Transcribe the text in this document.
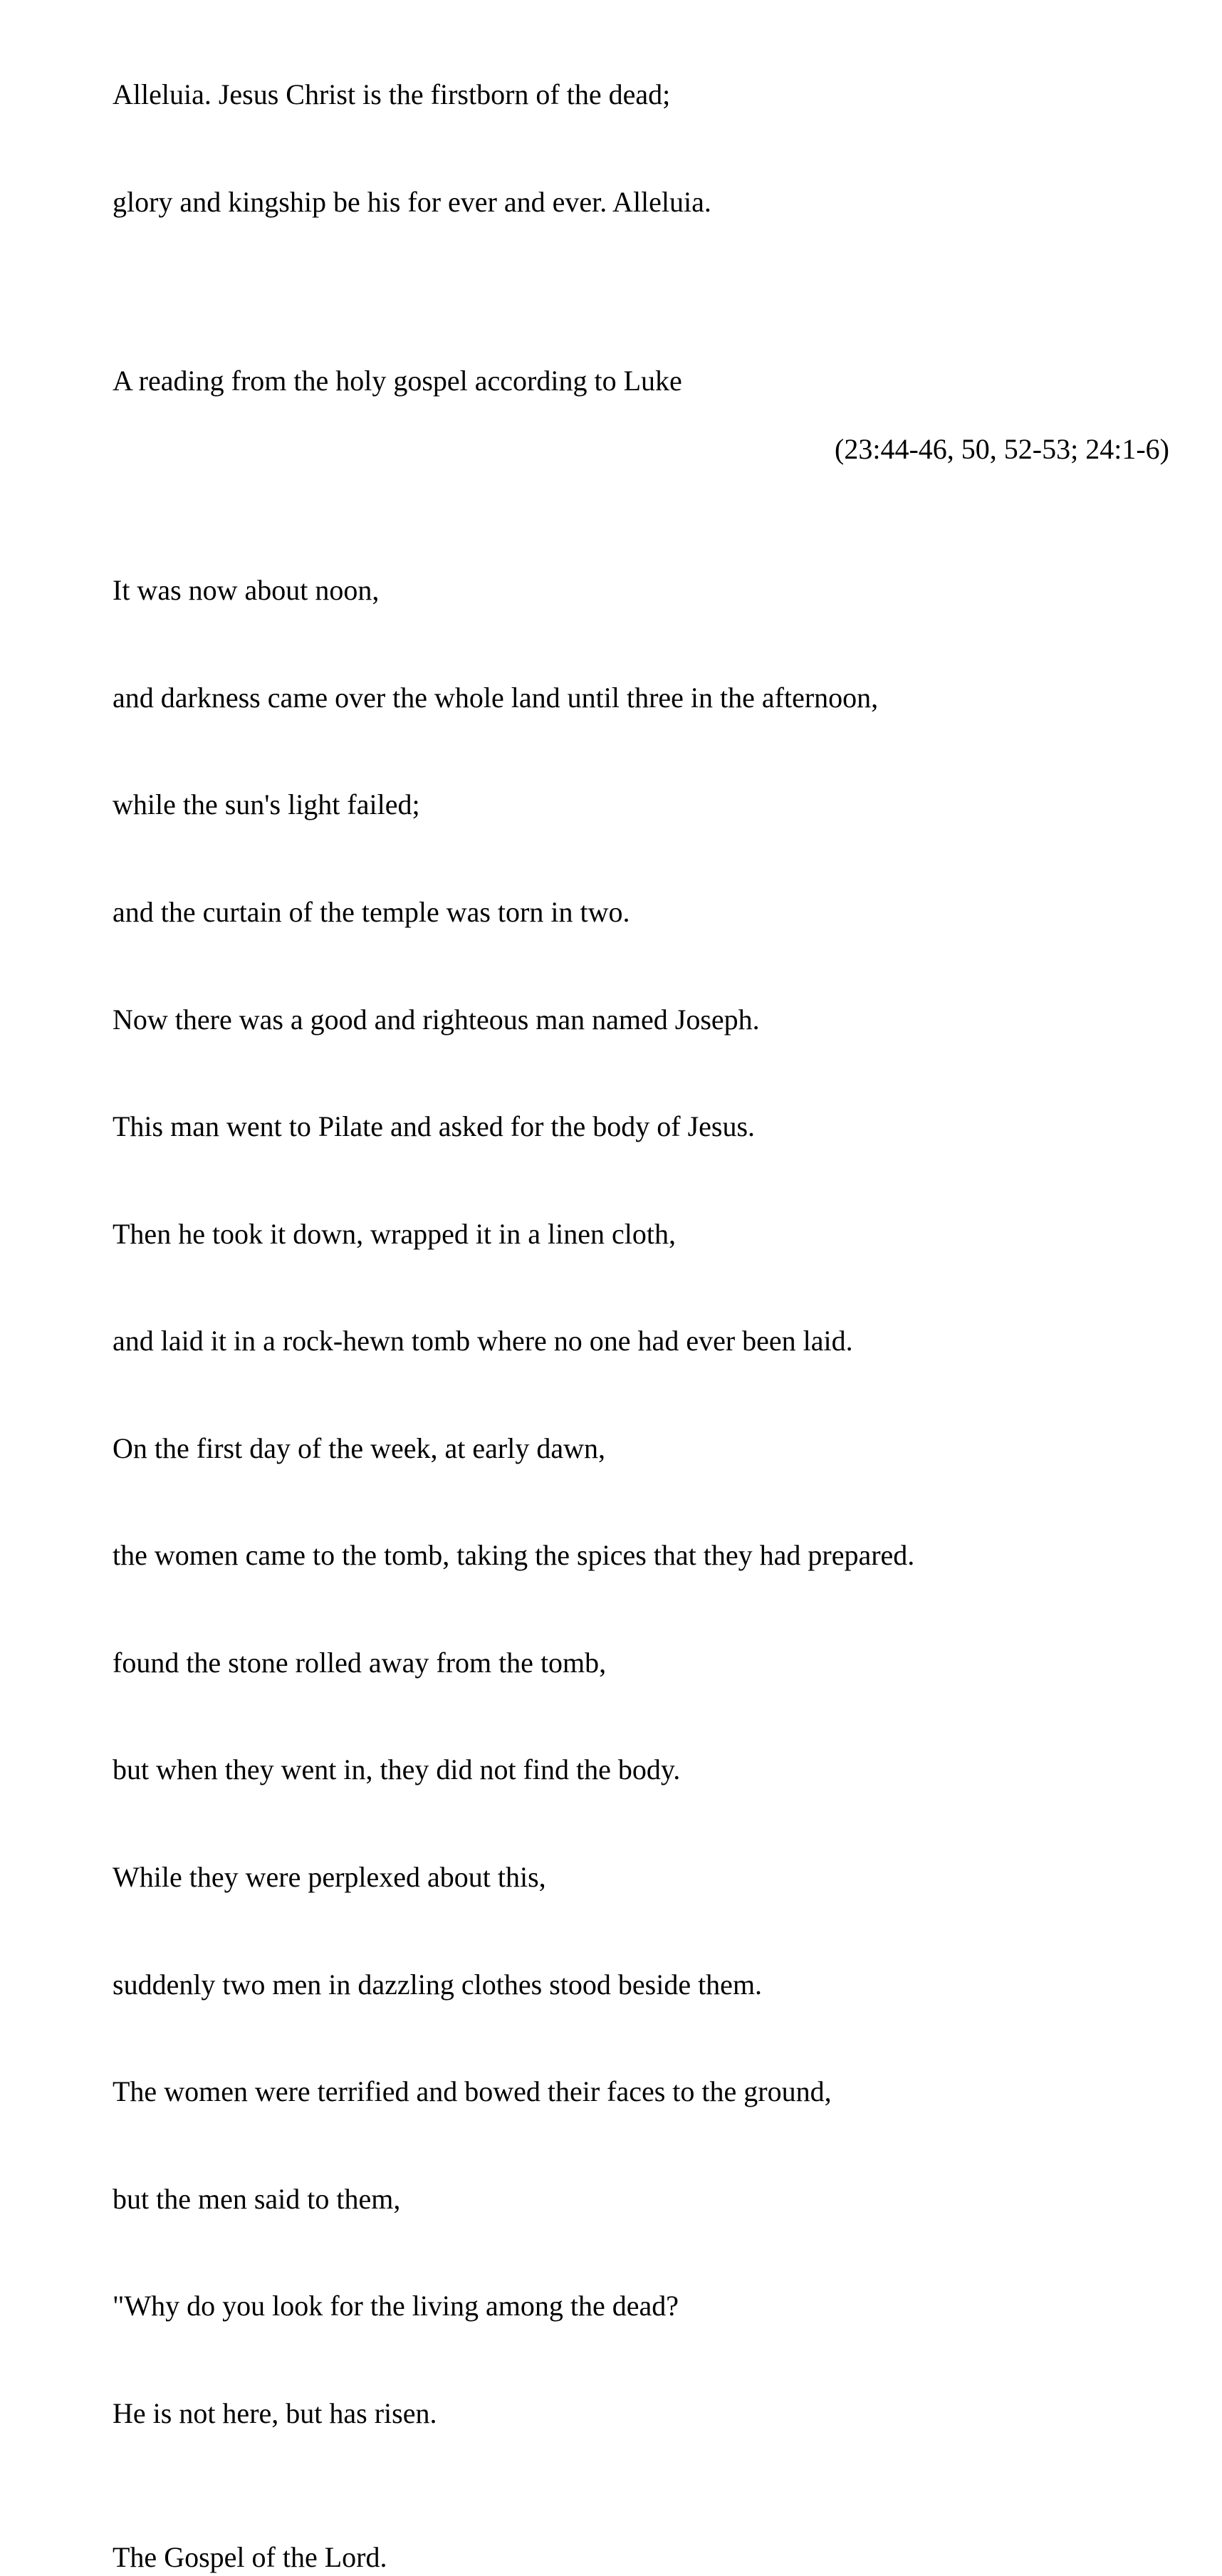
Alleluia. Jesus Christ is the firstborn of the dead;

glory and kingship be his for ever and ever. Alleluia.

A reading from the holy gospel according to Luke
(23:44-46, 50, 52-53; 24:1-6)

It was now about noon,

and darkness came over the whole land until three in the afternoon,

while the sun's light failed;

and the curtain of the temple was torn in two.

Now there was a good and righteous man named Joseph.

This man went to Pilate and asked for the body of Jesus.

Then he took it down, wrapped it in a linen cloth,

and laid it in a rock-hewn tomb where no one had ever been laid.

On the first day of the week, at early dawn,

the women came to the tomb, taking the spices that they had prepared.

found the stone rolled away from the tomb,

but when they went in, they did not find the body.

While they were perplexed about this,

suddenly two men in dazzling clothes stood beside them.

The women were terrified and bowed their faces to the ground,

but the men said to them,

"Why do you look for the living among the dead?

He is not here, but has risen.

The Gospel of the Lord.
